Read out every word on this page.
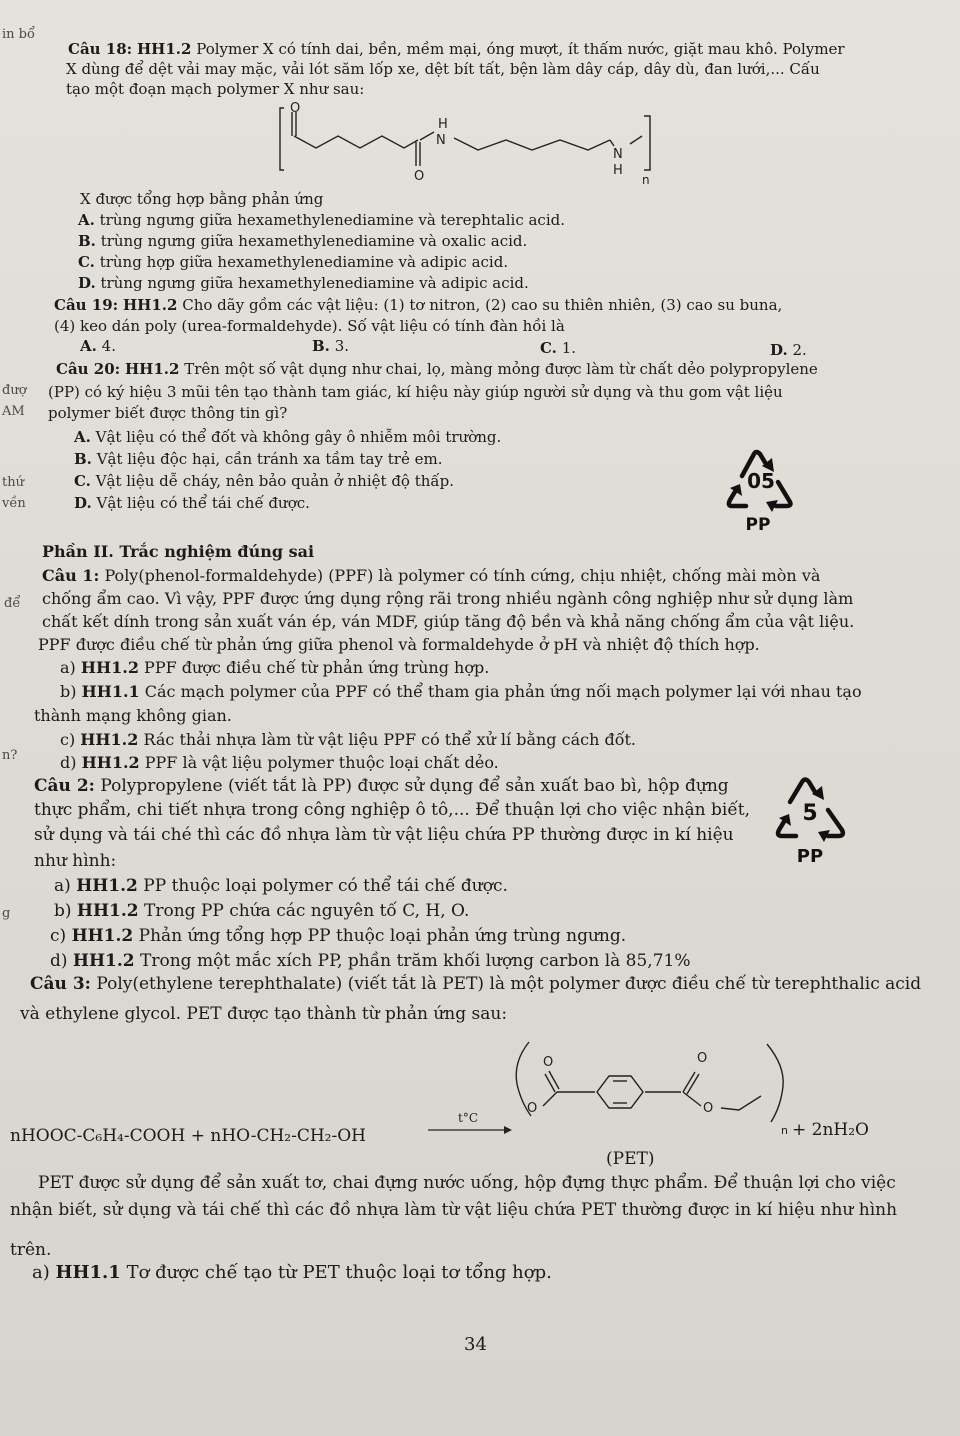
in bổ
đượ
AM
thứ
vền
để
n?
g
Câu 18: HH1.2 Polymer X có tính dai, bền, mềm mại, óng mượt, ít thấm nước, giặt mau khô. Polymer
X dùng để dệt vải may mặc, vải lót săm lốp xe, dệt bít tất, bện làm dây cáp, dây dù, đan lưới,... Cấu
tạo một đoạn mạch polymer X như sau:
O
O
H
N
N
H
n
X được tổng hợp bằng phản ứng
A. trùng ngưng giữa hexamethylenediamine và terephtalic acid.
B. trùng ngưng giữa hexamethylenediamine và oxalic acid.
C. trùng hợp giữa hexamethylenediamine và adipic acid.
D. trùng ngưng giữa hexamethylenediamine và adipic acid.
Câu 19: HH1.2 Cho dãy gồm các vật liệu: (1) tơ nitron, (2) cao su thiên nhiên, (3) cao su buna,
(4) keo dán poly (urea-formaldehyde). Số vật liệu có tính đàn hồi là
A. 4.	B. 3.	C. 1.	D. 2.
Câu 20: HH1.2 Trên một số vật dụng như chai, lọ, màng mỏng được làm từ chất dẻo polypropylene
(PP) có ký hiệu 3 mũi tên tạo thành tam giác, kí hiệu này giúp người sử dụng và thu gom vật liệu
polymer biết được thông tin gì?
A. Vật liệu có thể đốt và không gây ô nhiễm môi trường.
B. Vật liệu độc hại, cần tránh xa tầm tay trẻ em.
C. Vật liệu dễ cháy, nên bảo quản ở nhiệt độ thấp.
D. Vật liệu có thể tái chế được.
05
PP
Phần II. Trắc nghiệm đúng sai
Câu 1: Poly(phenol-formaldehyde) (PPF) là polymer có tính cứng, chịu nhiệt, chống mài mòn và
chống ẩm cao. Vì vậy, PPF được ứng dụng rộng rãi trong nhiều ngành công nghiệp như sử dụng làm
chất kết dính trong sản xuất ván ép, ván MDF, giúp tăng độ bền và khả năng chống ẩm của vật liệu.
PPF được điều chế từ phản ứng giữa phenol và formaldehyde ở pH và nhiệt độ thích hợp.
a) HH1.2 PPF được điều chế từ phản ứng trùng hợp.
b) HH1.1 Các mạch polymer của PPF có thể tham gia phản ứng nối mạch polymer lại với nhau tạo
thành mạng không gian.
c) HH1.2 Rác thải nhựa làm từ vật liệu PPF có thể xử lí bằng cách đốt.
d) HH1.2 PPF là vật liệu polymer thuộc loại chất dẻo.
Câu 2: Polypropylene (viết tắt là PP) được sử dụng để sản xuất bao bì, hộp đựng
thực phẩm, chi tiết nhựa trong công nghiệp ô tô,... Để thuận lợi cho việc nhận biết,
sử dụng và tái ché thì các đồ nhựa làm từ vật liệu chứa PP thường được in kí hiệu
như hình:
5
PP
a) HH1.2 PP thuộc loại polymer có thể tái chế được.
b) HH1.2 Trong PP chứa các nguyên tố C, H, O.
c) HH1.2 Phản ứng tổng hợp PP thuộc loại phản ứng trùng ngưng.
d) HH1.2 Trong một mắc xích PP, phần trăm khối lượng carbon là 85,71%
Câu 3: Poly(ethylene terephthalate) (viết tắt là PET) là một polymer được điều chế từ terephthalic acid
và ethylene glycol. PET được tạo thành từ phản ứng sau:
nHOOC-C₆H₄-COOH + nHO-CH₂-CH₂-OH
t°C
O
O
O
O
n + 2nH₂O
(PET)
PET được sử dụng để sản xuất tơ, chai đựng nước uống, hộp đựng thực phẩm. Để thuận lợi cho việc
nhận biết, sử dụng và tái chế thì các đồ nhựa làm từ vật liệu chứa PET thường được in kí hiệu như hình
trên.
a) HH1.1 Tơ được chế tạo từ PET thuộc loại tơ tổng hợp.
34
